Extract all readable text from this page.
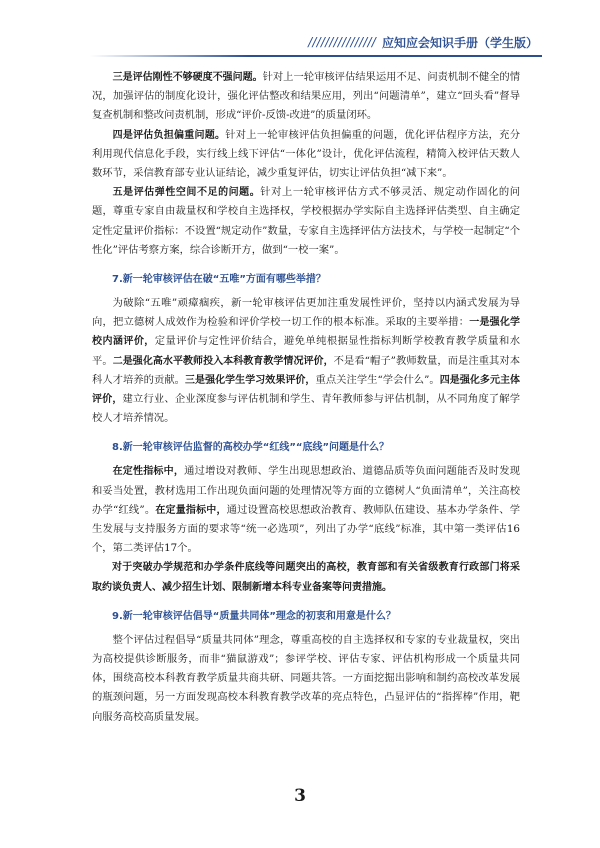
//////////////// 应知应会知识手册（学生版）

三是评估刚性不够硬度不强问题。针对上一轮审核评估结果运用不足、问责机制不健全的情况，加强评估的制度化设计，强化评估整改和结果应用，列出“问题清单”，建立“回头看”督导复查机制和整改问责机制，形成“评价-反馈-改进”的质量闭环。

四是评估负担偏重问题。针对上一轮审核评估负担偏重的问题，优化评估程序方法，充分利用现代信息化手段，实行线上线下评估“一体化”设计，优化评估流程，精简入校评估天数人数环节，采信教育部专业认证结论，减少重复评估，切实让评估负担“减下来”。

五是评估弹性空间不足的问题。针对上一轮审核评估方式不够灵活、规定动作固化的问题，尊重专家自由裁量权和学校自主选择权，学校根据办学实际自主选择评估类型、自主确定定性定量评价指标：不设置“规定动作”数量，专家自主选择评估方法技术，与学校一起制定“个性化”评估考察方案，综合诊断开方，做到“一校一案”。

7.新一轮审核评估在破“五唯”方面有哪些举措？

为破除“五唯”顽瘴痼疾，新一轮审核评估更加注重发展性评价，坚持以内涵式发展为导向，把立德树人成效作为检验和评价学校一切工作的根本标准。采取的主要举措：一是强化学校内涵评价，定量评价与定性评价结合，避免单纯根据显性指标判断学校教育教学质量和水平。二是强化高水平教师投入本科教育教学情况评价，不是看“帽子”教师数量，而是注重其对本科人才培养的贡献。三是强化学生学习效果评价，重点关注学生“学会什么”。四是强化多元主体评价，建立行业、企业深度参与评估机制和学生、青年教师参与评估机制，从不同角度了解学校人才培养情况。

8.新一轮审核评估监督的高校办学“红线”“底线”问题是什么？

在定性指标中，通过增设对教师、学生出现思想政治、道德品质等负面问题能否及时发现和妥当处置，教材选用工作出现负面问题的处理情况等方面的立德树人“负面清单”，关注高校办学“红线”。在定量指标中，通过设置高校思想政治教育、教师队伍建设、基本办学条件、学生发展与支持服务方面的要求等“统一必选项”，列出了办学“底线”标准，其中第一类评估16个，第二类评估17个。

对于突破办学规范和办学条件底线等问题突出的高校，教育部和有关省级教育行政部门将采取约谈负责人、减少招生计划、限制新增本科专业备案等问责措施。

9.新一轮审核评估倡导“质量共同体”理念的初衷和用意是什么？

整个评估过程倡导“质量共同体”理念，尊重高校的自主选择权和专家的专业裁量权，突出为高校提供诊断服务，而非“猫鼠游戏”；参评学校、评估专家、评估机构形成一个质量共同体，围绕高校本科教育教学质量共商共研、同题共答。一方面挖掘出影响和制约高校改革发展的瓶颈问题，另一方面发现高校本科教育教学改革的亮点特色，凸显评估的“指挥棒”作用，靶向服务高校高质量发展。

3
